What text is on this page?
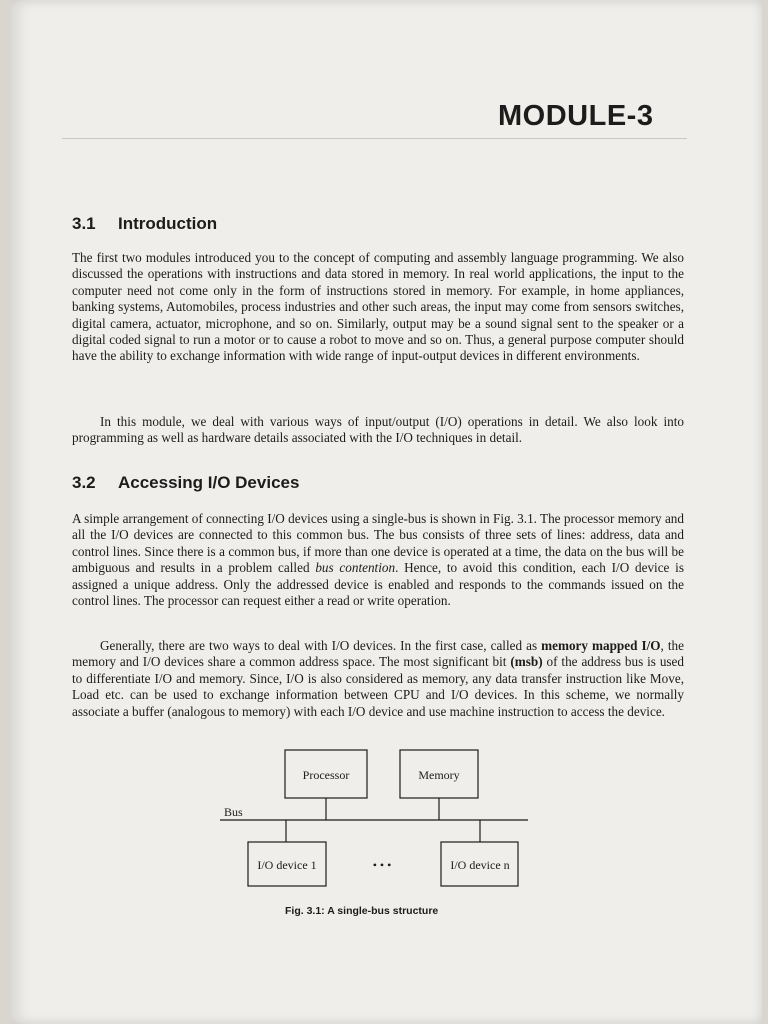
MODULE-3
3.1 Introduction

The first two modules introduced you to the concept of computing and assembly language programming. We also discussed the operations with instructions and data stored in memory. In real world applications, the input to the computer need not come only in the form of instructions stored in memory. For example, in home appliances, banking systems, Automobiles, process industries and other such areas, the input may come from sensors switches, digital camera, actuator, microphone, and so on. Similarly, output may be a sound signal sent to the speaker or a digital coded signal to run a motor or to cause a robot to move and so on. Thus, a general purpose computer should have the ability to exchange information with wide range of input-output devices in different environments.

In this module, we deal with various ways of input/output (I/O) operations in detail. We also look into programming as well as hardware details associated with the I/O techniques in detail.

3.2 Accessing I/O Devices

A simple arrangement of connecting I/O devices using a single-bus is shown in Fig. 3.1. The processor memory and all the I/O devices are connected to this common bus. The bus consists of three sets of lines: address, data and control lines. Since there is a common bus, if more than one device is operated at a time, the data on the bus will be ambiguous and results in a problem called bus contention. Hence, to avoid this condition, each I/O device is assigned a unique address. Only the addressed device is enabled and responds to the commands issued on the control lines. The processor can request either a read or write operation.

Generally, there are two ways to deal with I/O devices. In the first case, called as memory mapped I/O, the memory and I/O devices share a common address space. The most significant bit (msb) of the address bus is used to differentiate I/O and memory. Since, I/O is also considered as memory, any data transfer instruction like Move, Load etc. can be used to exchange information between CPU and I/O devices. In this scheme, we normally associate a buffer (analogous to memory) with each I/O device and use machine instruction to access the device.

Processor	Memory
Bus
I/O device 1	• • •	I/O device n

Fig. 3.1: A single-bus structure
